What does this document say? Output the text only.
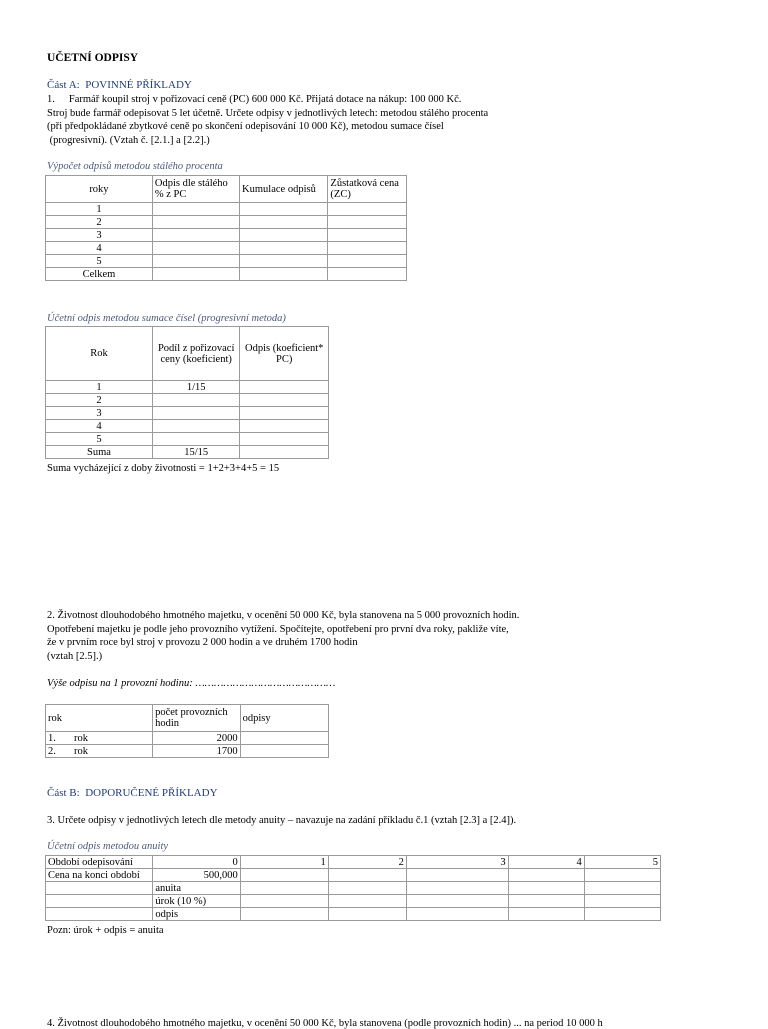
UČETNÍ ODPISY
Část A: POVINNÉ PŘÍKLADY
1. Farmář koupil stroj v pořizovací ceně (PC) 600 000 Kč. Přijatá dotace na nákup: 100 000 Kč.
Stroj bude farmář odepisovat 5 let účetně. Určete odpisy v jednotlivých letech: metodou stálého procenta
(při předpokládané zbytkové ceně po skončení odepisování 10 000 Kč), metodou sumace čísel
(progresivní). (Vztah č. [2.1.] a [2.2].)
Výpočet odpisů metodou stálého procenta
roky	Odpis dle stálého % z PC	Kumulace odpisů	Zůstatková cena (ZC)
1			
2			
3			
4			
5			
Celkem			
Účetní odpis metodou sumace čísel (progresivní metoda)
Rok	Podíl z pořizovací ceny (koeficient)	Odpis (koeficient* PC)
1	1/15	
2		
3		
4		
5		
Suma	15/15	
Suma vycházející z doby životnosti = 1+2+3+4+5 = 15
2. Životnost dlouhodobého hmotného majetku, v ocenění 50 000 Kč, byla stanovena na 5 000 provozních hodin.
Opotřebení majetku je podle jeho provozního vytížení. Spočítejte, opotřebení pro první dva roky, pakliže víte,
že v prvním roce byl stroj v provozu 2 000 hodin a ve druhém 1700 hodin
(vztah [2.5].)
Výše odpisu na 1 provozní hodinu: ………………………………………
rok	počet provozních hodin	odpisy
1. rok	2000	
2. rok	1700	
Část B: DOPORUČENÉ PŘÍKLADY
3. Určete odpisy v jednotlivých letech dle metody anuity – navazuje na zadání příkladu č.1 (vztah [2.3] a [2.4]).
Účetní odpis metodou anuity
Období odepisování	0	1	2	3	4	5
Cena na konci období	500,000					
	anuita					
	úrok (10 %)					
	odpis					
Pozn: úrok + odpis = anuita
4. Životnost dlouhodobého hmotného majetku, v ocenění 50 000 Kč, byla stanovena (podle provozních hodin) ... na period 10 000 h
